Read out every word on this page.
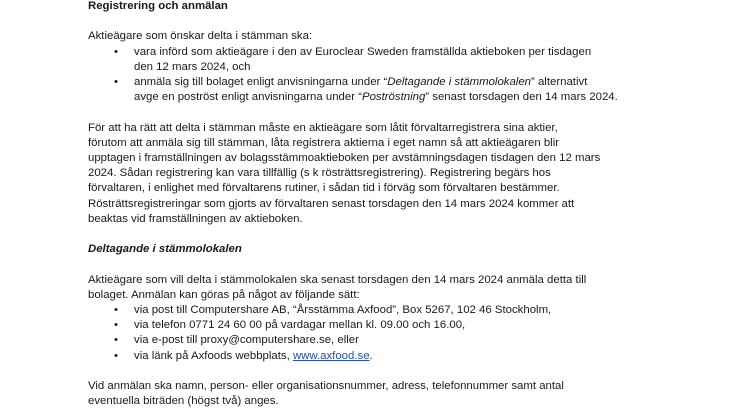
Registrering och anmälan

Aktieägare som önskar delta i stämman ska:

• vara införd som aktieägare i den av Euroclear Sweden framställda aktieboken per tisdagen
den 12 mars 2024, och
• anmäla sig till bolaget enligt anvisningarna under “Deltagande i stämmolokalen” alternativt
avge en poströst enligt anvisningarna under “Poströstning” senast torsdagen den 14 mars 2024.

För att ha rätt att delta i stämman måste en aktieägare som låtit förvaltarregistrera sina aktier,
förutom att anmäla sig till stämman, låta registrera aktierna i eget namn så att aktieägaren blir
upptagen i framställningen av bolagsstämmoaktieboken per avstämningsdagen tisdagen den 12 mars
2024. Sådan registrering kan vara tillfällig (s k rösträttsregistrering). Registrering begärs hos
förvaltaren, i enlighet med förvaltarens rutiner, i sådan tid i förväg som förvaltaren bestämmer.
Rösträttsregistreringar som gjorts av förvaltaren senast torsdagen den 14 mars 2024 kommer att
beaktas vid framställningen av aktieboken.

Deltagande i stämmolokalen

Aktieägare som vill delta i stämmolokalen ska senast torsdagen den 14 mars 2024 anmäla detta till
bolaget. Anmälan kan göras på något av följande sätt:

• via post till Computershare AB, “Årsstämma Axfood”, Box 5267, 102 46 Stockholm,
• via telefon 0771 24 60 00 på vardagar mellan kl. 09.00 och 16.00,
• via e-post till proxy@computershare.se, eller
• via länk på Axfoods webbplats, www.axfood.se.

Vid anmälan ska namn, person- eller organisationsnummer, adress, telefonnummer samt antal
eventuella biträden (högst två) anges.
